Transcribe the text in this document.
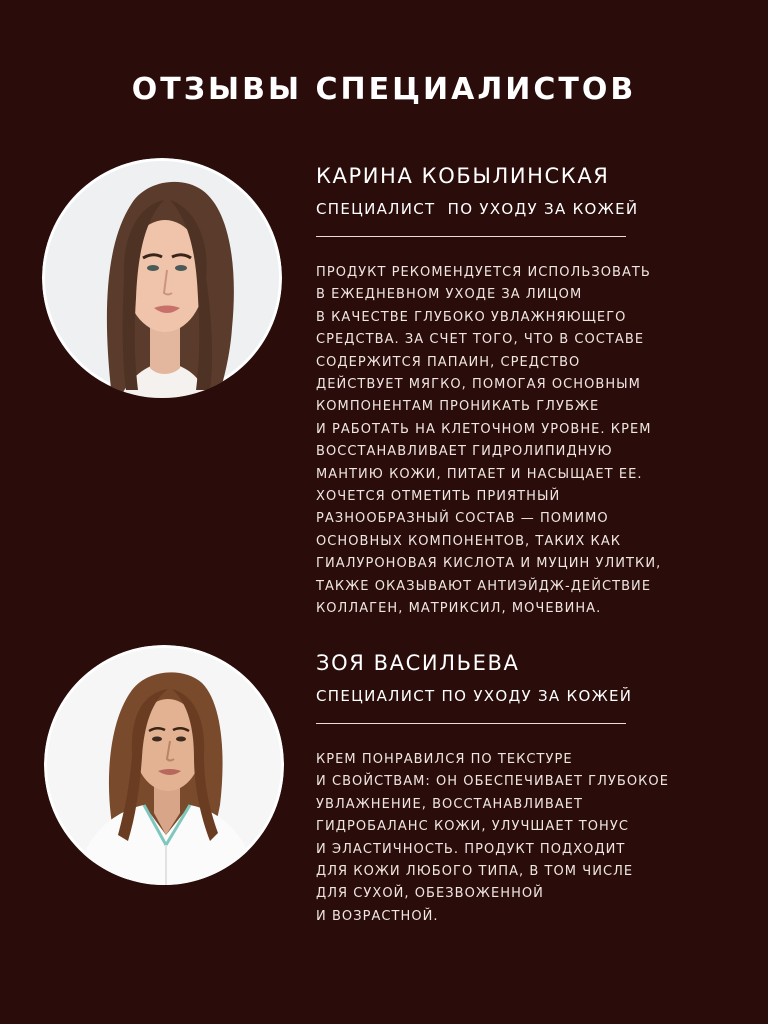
ОТЗЫВЫ СПЕЦИАЛИСТОВ
КАРИНА КОБЫЛИНСКАЯ
СПЕЦИАЛИСТ  ПО УХОДУ ЗА КОЖЕЙ
ПРОДУКТ РЕКОМЕНДУЕТСЯ ИСПОЛЬЗОВАТЬ
В ЕЖЕДНЕВНОМ УХОДЕ ЗА ЛИЦОМ
В КАЧЕСТВЕ ГЛУБОКО УВЛАЖНЯЮЩЕГО
СРЕДСТВА. ЗА СЧЕТ ТОГО, ЧТО В СОСТАВЕ
СОДЕРЖИТСЯ ПАПАИН, СРЕДСТВО
ДЕЙСТВУЕТ МЯГКО, ПОМОГАЯ ОСНОВНЫМ
КОМПОНЕНТАМ ПРОНИКАТЬ ГЛУБЖЕ
И РАБОТАТЬ НА КЛЕТОЧНОМ УРОВНЕ. КРЕМ
ВОССТАНАВЛИВАЕТ ГИДРОЛИПИДНУЮ
МАНТИЮ КОЖИ, ПИТАЕТ И НАСЫЩАЕТ ЕЕ.
ХОЧЕТСЯ ОТМЕТИТЬ ПРИЯТНЫЙ
РАЗНООБРАЗНЫЙ СОСТАВ — ПОМИМО
ОСНОВНЫХ КОМПОНЕНТОВ, ТАКИХ КАК
ГИАЛУРОНОВАЯ КИСЛОТА И МУЦИН УЛИТКИ,
ТАКЖЕ ОКАЗЫВАЮТ АНТИЭЙДЖ-ДЕЙСТВИЕ
КОЛЛАГЕН, МАТРИКСИЛ, МОЧЕВИНА.
ЗОЯ ВАСИЛЬЕВА
СПЕЦИАЛИСТ ПО УХОДУ ЗА КОЖЕЙ
КРЕМ ПОНРАВИЛСЯ ПО ТЕКСТУРЕ
И СВОЙСТВАМ: ОН ОБЕСПЕЧИВАЕТ ГЛУБОКОЕ
УВЛАЖНЕНИЕ, ВОССТАНАВЛИВАЕТ
ГИДРОБАЛАНС КОЖИ, УЛУЧШАЕТ ТОНУС
И ЭЛАСТИЧНОСТЬ. ПРОДУКТ ПОДХОДИТ
ДЛЯ КОЖИ ЛЮБОГО ТИПА, В ТОМ ЧИСЛЕ
ДЛЯ СУХОЙ, ОБЕЗВОЖЕННОЙ
И ВОЗРАСТНОЙ.
